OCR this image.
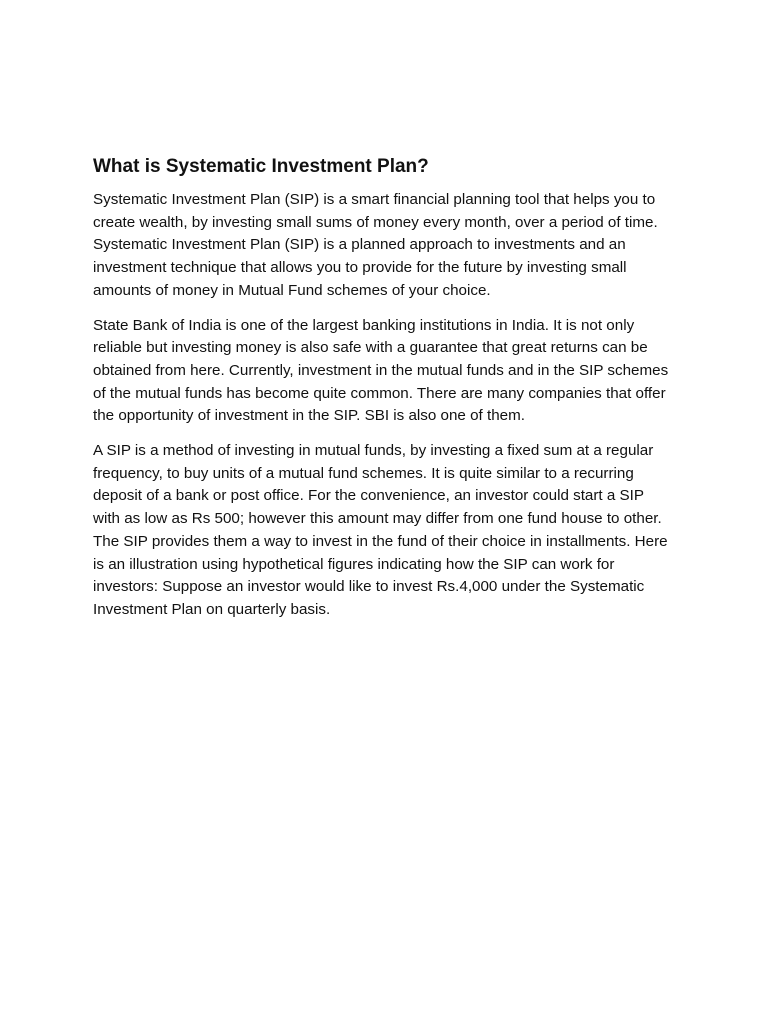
What is Systematic Investment Plan?

Systematic Investment Plan (SIP) is a smart financial planning tool that helps you to create wealth, by investing small sums of money every month, over a period of time. Systematic Investment Plan (SIP) is a planned approach to investments and an investment technique that allows you to provide for the future by investing small amounts of money in Mutual Fund schemes of your choice.

State Bank of India is one of the largest banking institutions in India. It is not only reliable but investing money is also safe with a guarantee that great returns can be obtained from here. Currently, investment in the mutual funds and in the SIP schemes of the mutual funds has become quite common. There are many companies that offer the opportunity of investment in the SIP. SBI is also one of them.

A SIP is a method of investing in mutual funds, by investing a fixed sum at a regular frequency, to buy units of a mutual fund schemes. It is quite similar to a recurring deposit of a bank or post office. For the convenience, an investor could start a SIP with as low as Rs 500; however this amount may differ from one fund house to other. The SIP provides them a way to invest in the fund of their choice in installments. Here is an illustration using hypothetical figures indicating how the SIP can work for investors: Suppose an investor would like to invest Rs.4,000 under the Systematic Investment Plan on quarterly basis.
